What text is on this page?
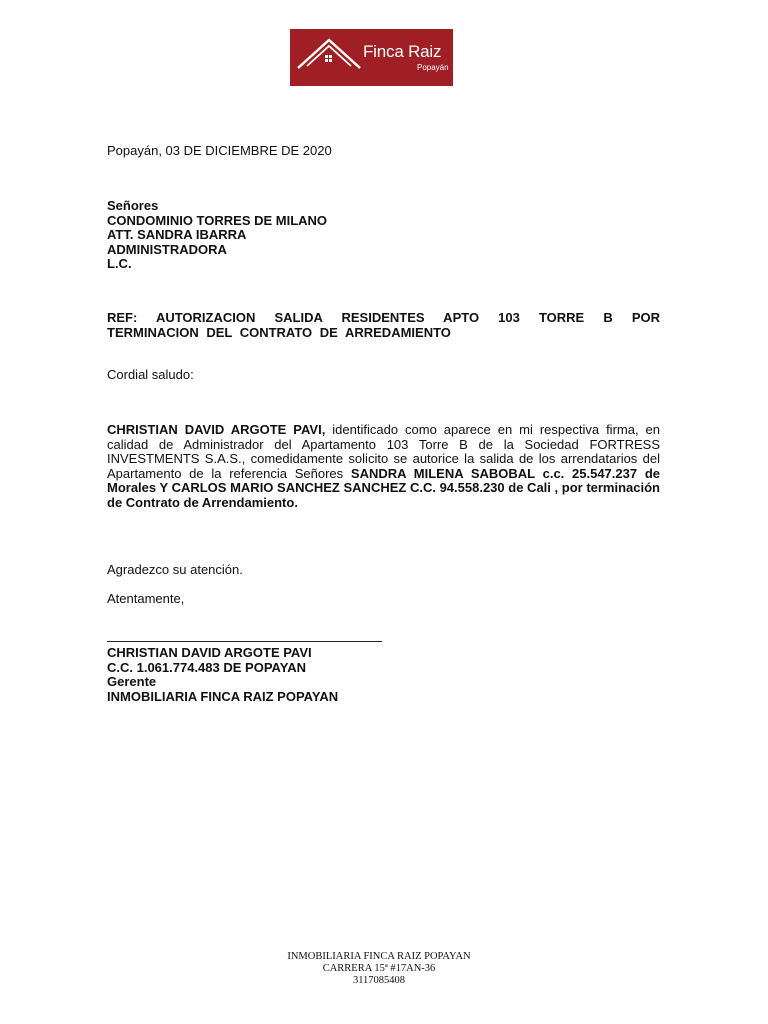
Finca Raiz
Popayán
Popayán, 03 DE DICIEMBRE DE 2020
Señores
CONDOMINIO TORRES DE MILANO
ATT. SANDRA IBARRA
ADMINISTRADORA
L.C.
REF: AUTORIZACION SALIDA RESIDENTES APTO 103 TORRE B POR TERMINACION DEL CONTRATO DE ARREDAMIENTO
Cordial saludo:
CHRISTIAN DAVID ARGOTE PAVI, identificado como aparece en mi respectiva firma, en calidad de Administrador del Apartamento 103 Torre B de la Sociedad FORTRESS INVESTMENTS S.A.S., comedidamente solicito se autorice la salida de los arrendatarios del Apartamento de la referencia Señores SANDRA MILENA SABOBAL c.c. 25.547.237 de Morales Y CARLOS MARIO SANCHEZ SANCHEZ C.C. 94.558.230 de Cali , por terminación de Contrato de Arrendamiento.
Agradezco su atención.
Atentamente,
CHRISTIAN DAVID ARGOTE PAVI
C.C. 1.061.774.483 DE POPAYAN
Gerente
INMOBILIARIA FINCA RAIZ POPAYAN
INMOBILIARIA FINCA RAIZ POPAYAN
CARRERA 15ª #17AN-36
3117085408
